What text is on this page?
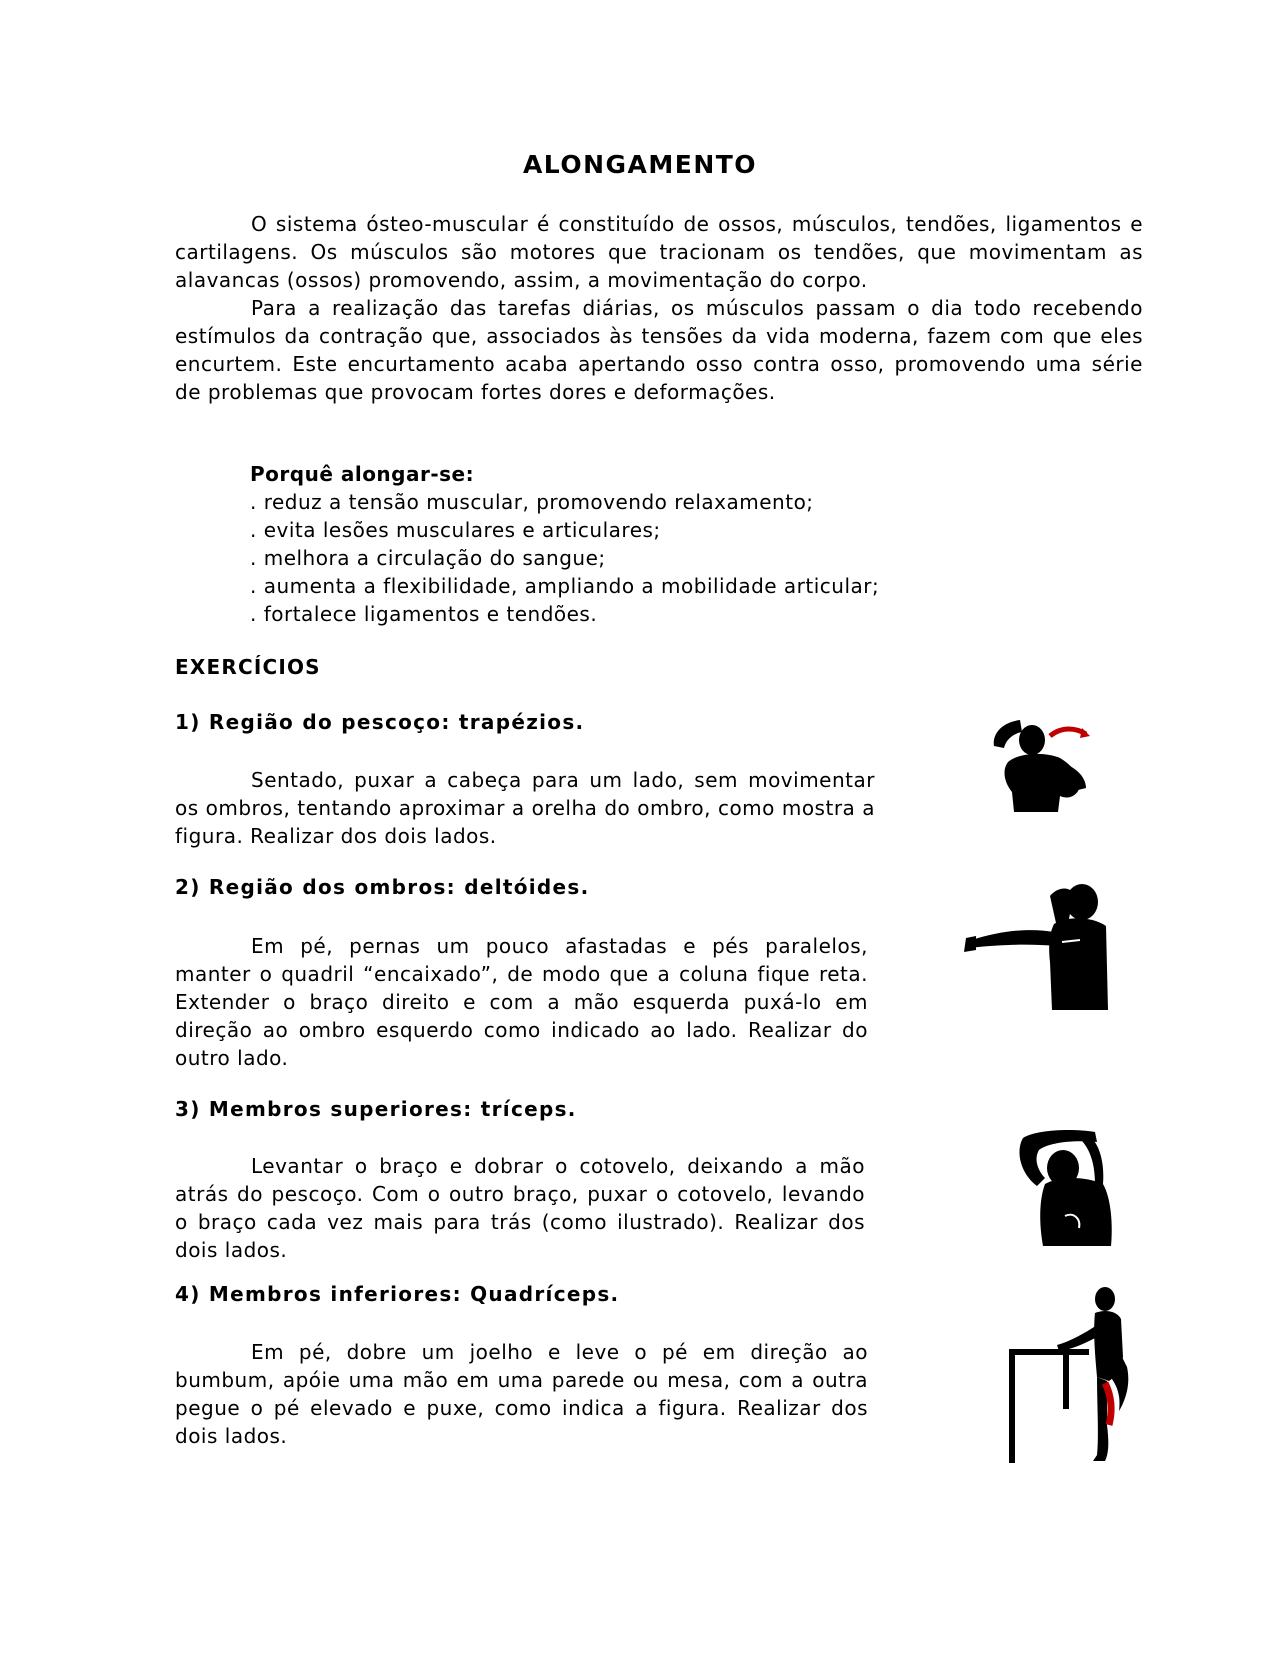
ALONGAMENTO

O sistema ósteo-muscular é constituído de ossos, músculos, tendões, ligamentos e cartilagens. Os músculos são motores que tracionam os tendões, que movimentam as alavancas (ossos) promovendo, assim, a movimentação do corpo.

Para a realização das tarefas diárias, os músculos passam o dia todo recebendo estímulos da contração que, associados às tensões da vida moderna, fazem com que eles encurtem. Este encurtamento acaba apertando osso contra osso, promovendo uma série de problemas que provocam fortes dores e deformações.

Porquê alongar-se:
. reduz a tensão muscular, promovendo relaxamento;
. evita lesões musculares e articulares;
. melhora a circulação do sangue;
. aumenta a flexibilidade, ampliando a mobilidade articular;
. fortalece ligamentos e tendões.
EXERCÍCIOS
1) Região do pescoço: trapézios.

Sentado, puxar a cabeça para um lado, sem movimentar os ombros, tentando aproximar a orelha do ombro, como mostra a figura. Realizar dos dois lados.

2) Região dos ombros: deltóides.

Em pé, pernas um pouco afastadas e pés paralelos, manter o quadril “encaixado”, de modo que a coluna fique reta. Extender o braço direito e com a mão esquerda puxá-lo em direção ao ombro esquerdo como indicado ao lado. Realizar do outro lado.

3) Membros superiores: tríceps.

Levantar o braço e dobrar o cotovelo, deixando a mão atrás do pescoço. Com o outro braço, puxar o cotovelo, levando o braço cada vez mais para trás (como ilustrado). Realizar dos dois lados.

4) Membros inferiores: Quadríceps.

Em pé, dobre um joelho e leve o pé em direção ao bumbum, apóie uma mão em uma parede ou mesa, com a outra pegue o pé elevado e puxe, como indica a figura. Realizar dos dois lados.
